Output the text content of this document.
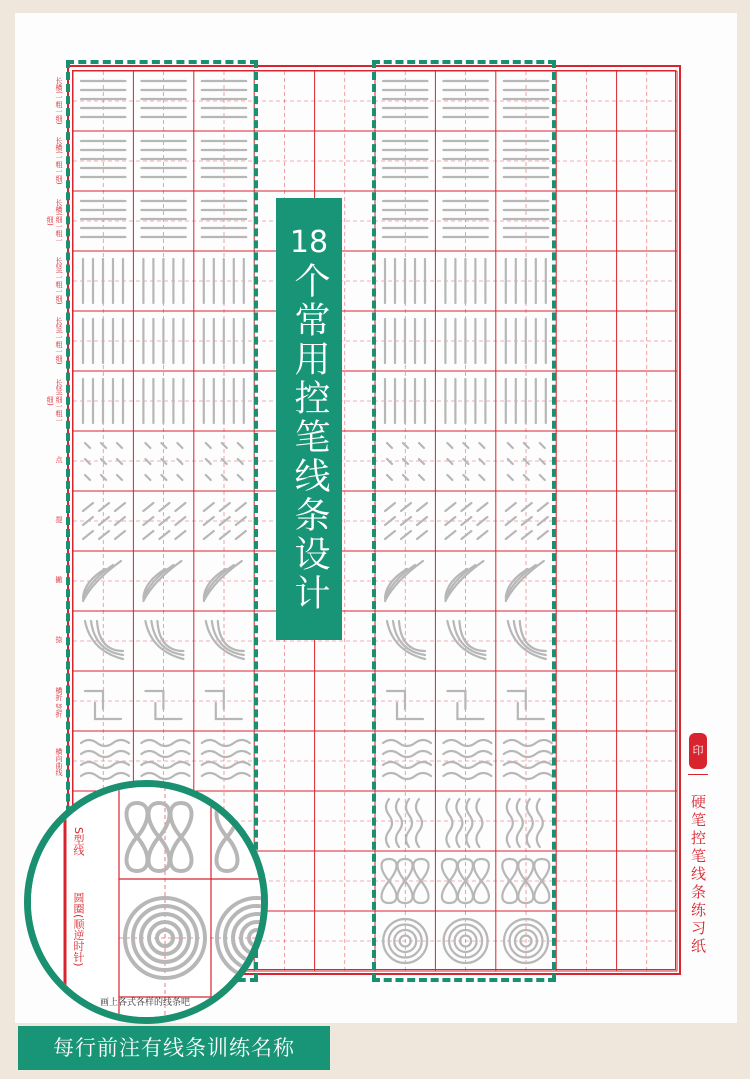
长横(一粗一细)
长横(一粗一细)
长横(细一粗一细)
长竖(一粗一细)
长竖(一粗一细)
长竖(细一粗一细)
点
提
撇
捺
横折 竖折
横向曲线
18
个常用控笔线条设计
印
硬笔控笔线条练习纸
S型线
圆圈(顺逆时针)
画上各式各样的线条吧
每行前注有线条训练名称
